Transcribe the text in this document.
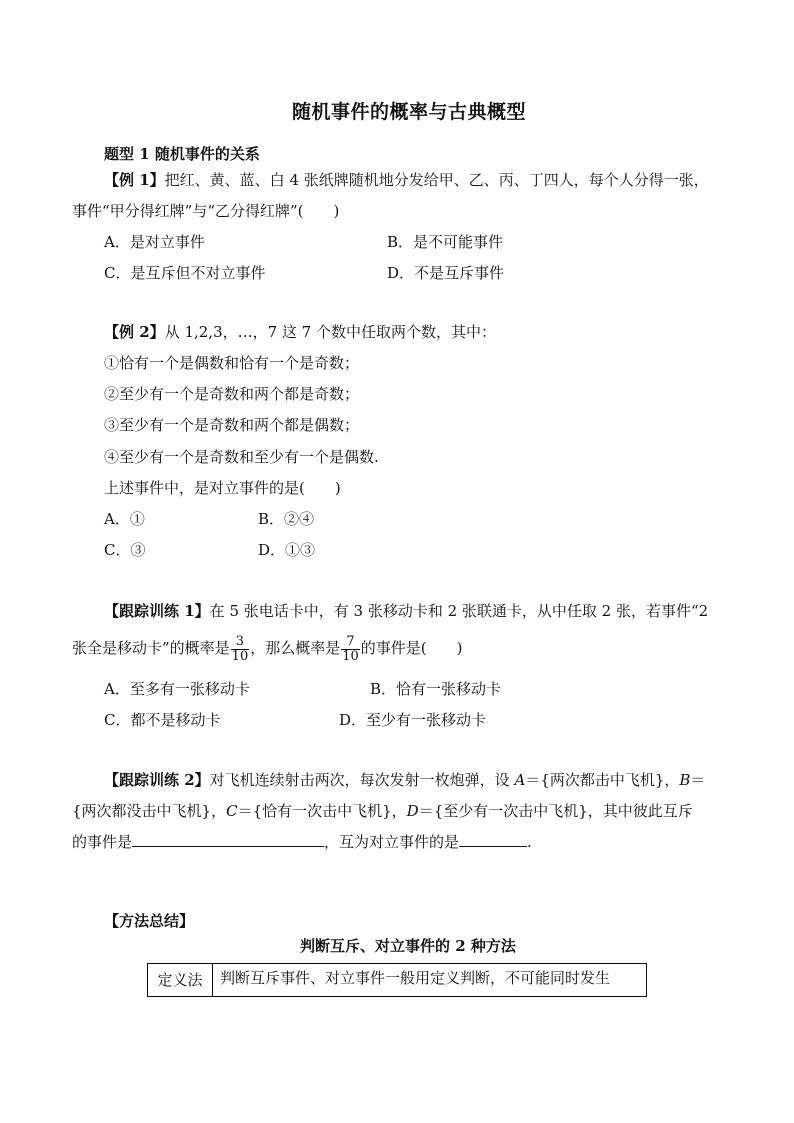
随机事件的概率与古典概型
题型 1 随机事件的关系
【例 1】把红、黄、蓝、白 4 张纸牌随机地分发给甲、乙、丙、丁四人，每个人分得一张，
事件“甲分得红牌”与“乙分得红牌”(　　)
A．是对立事件	B．是不可能事件
C．是互斥但不对立事件	D．不是互斥事件
【例 2】从 1,2,3，…，7 这 7 个数中任取两个数，其中：
①恰有一个是偶数和恰有一个是奇数；
②至少有一个是奇数和两个都是奇数；
③至少有一个是奇数和两个都是偶数；
④至少有一个是奇数和至少有一个是偶数.
上述事件中，是对立事件的是(　　)
A．①	B．②④
C．③	D．①③
【跟踪训练 1】在 5 张电话卡中，有 3 张移动卡和 2 张联通卡，从中任取 2 张，若事件“2
张全是移动卡”的概率是 $\frac{3}{10}$ ，那么概率是 $\frac{7}{10}$ 的事件是(　　)
A．至多有一张移动卡	B．恰有一张移动卡
C．都不是移动卡	D．至少有一张移动卡
【跟踪训练 2】对飞机连续射击两次，每次发射一枚炮弹，设 A＝{两次都击中飞机}，B＝
{两次都没击中飞机}，C＝{恰有一次击中飞机}，D＝{至少有一次击中飞机}，其中彼此互斥
的事件是	，互为对立事件的是	.
【方法总结】
判断互斥、对立事件的 2 种方法
定义法	判断互斥事件、对立事件一般用定义判断，不可能同时发生
